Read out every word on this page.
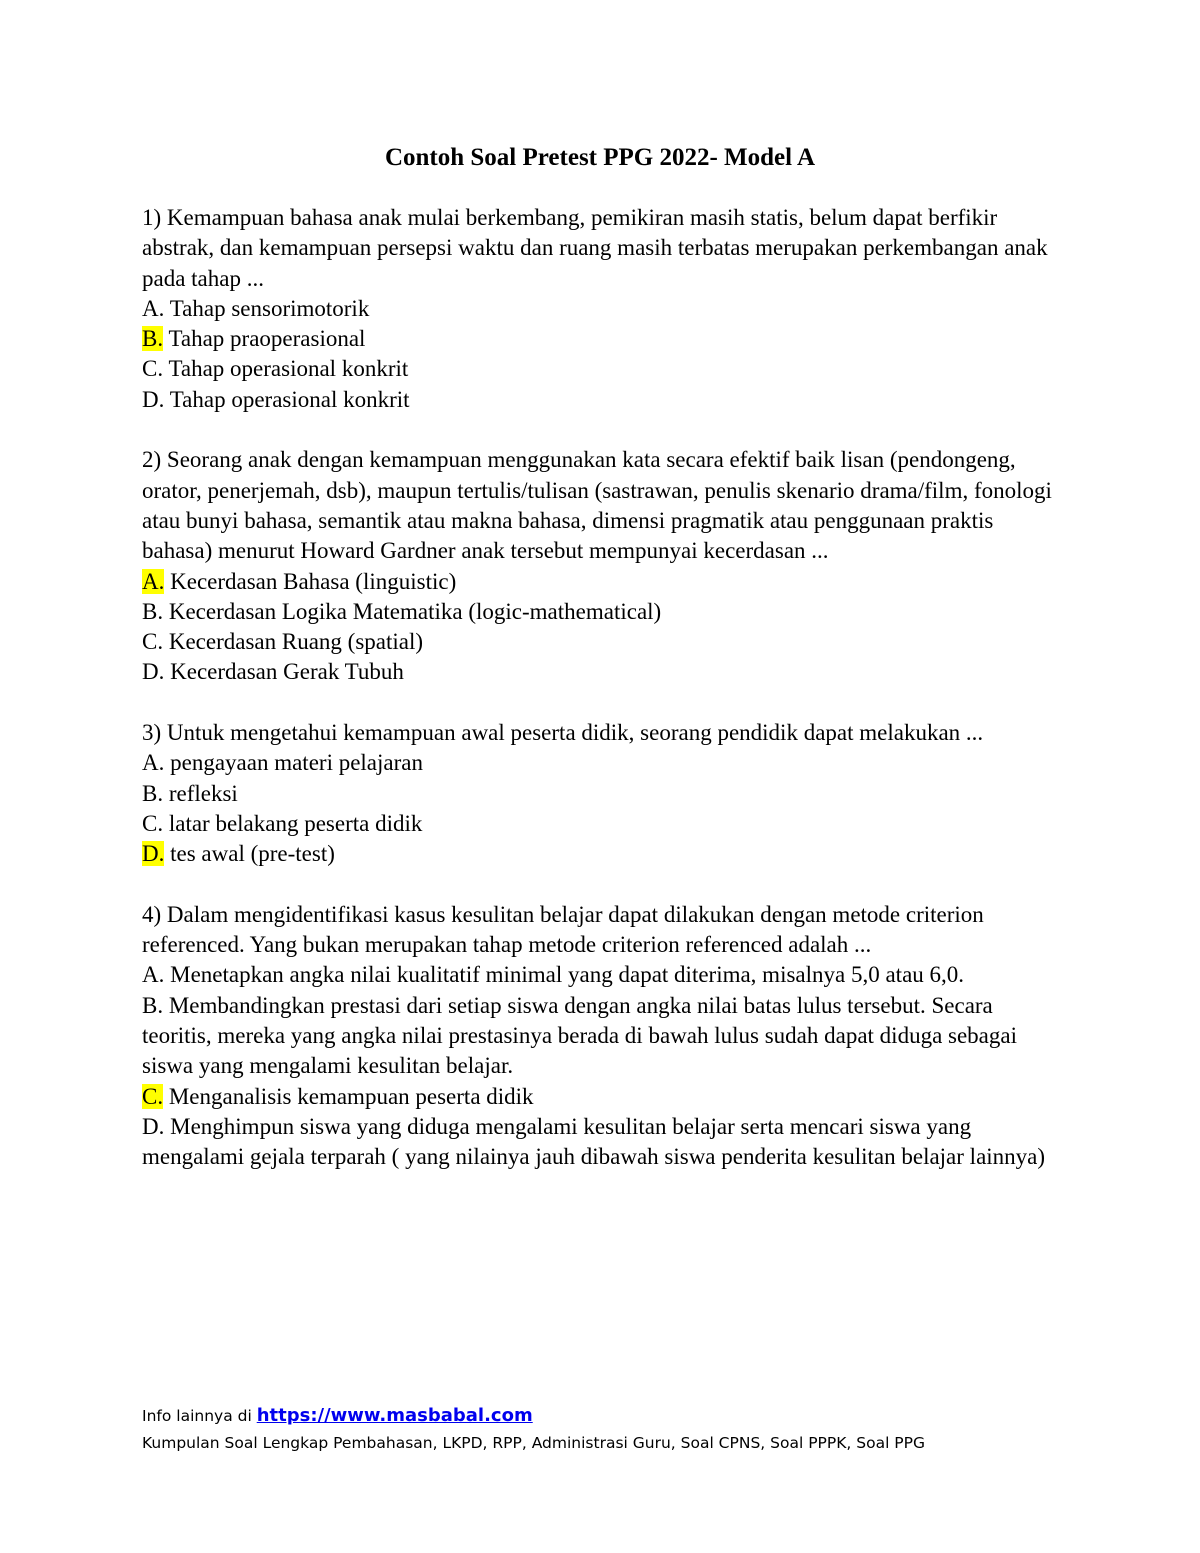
Contoh Soal Pretest PPG 2022- Model A
1) Kemampuan bahasa anak mulai berkembang, pemikiran masih statis, belum dapat berfikir abstrak, dan kemampuan persepsi waktu dan ruang masih terbatas merupakan perkembangan anak pada tahap ...
A. Tahap sensorimotorik
B. Tahap praoperasional
C. Tahap operasional konkrit
D. Tahap operasional konkrit
2) Seorang anak dengan kemampuan menggunakan kata secara efektif baik lisan (pendongeng, orator, penerjemah, dsb), maupun tertulis/tulisan (sastrawan, penulis skenario drama/film, fonologi atau bunyi bahasa, semantik atau makna bahasa, dimensi pragmatik atau penggunaan praktis bahasa) menurut Howard Gardner anak tersebut mempunyai kecerdasan ...
A. Kecerdasan Bahasa (linguistic)
B. Kecerdasan Logika Matematika (logic-mathematical)
C. Kecerdasan Ruang (spatial)
D. Kecerdasan Gerak Tubuh
3) Untuk mengetahui kemampuan awal peserta didik, seorang pendidik dapat melakukan ...
A. pengayaan materi pelajaran
B. refleksi
C. latar belakang peserta didik
D. tes awal (pre-test)
4) Dalam mengidentifikasi kasus kesulitan belajar dapat dilakukan dengan metode criterion referenced. Yang bukan merupakan tahap metode criterion referenced adalah ...
A. Menetapkan angka nilai kualitatif minimal yang dapat diterima, misalnya 5,0 atau 6,0.
B. Membandingkan prestasi dari setiap siswa dengan angka nilai batas lulus tersebut. Secara teoritis, mereka yang angka nilai prestasinya berada di bawah lulus sudah dapat diduga sebagai siswa yang mengalami kesulitan belajar.
C. Menganalisis kemampuan peserta didik
D. Menghimpun siswa yang diduga mengalami kesulitan belajar serta mencari siswa yang mengalami gejala terparah ( yang nilainya jauh dibawah siswa penderita kesulitan belajar lainnya)
Info lainnya di https://www.masbabal.com
Kumpulan Soal Lengkap Pembahasan, LKPD, RPP, Administrasi Guru, Soal CPNS, Soal PPPK, Soal PPG
